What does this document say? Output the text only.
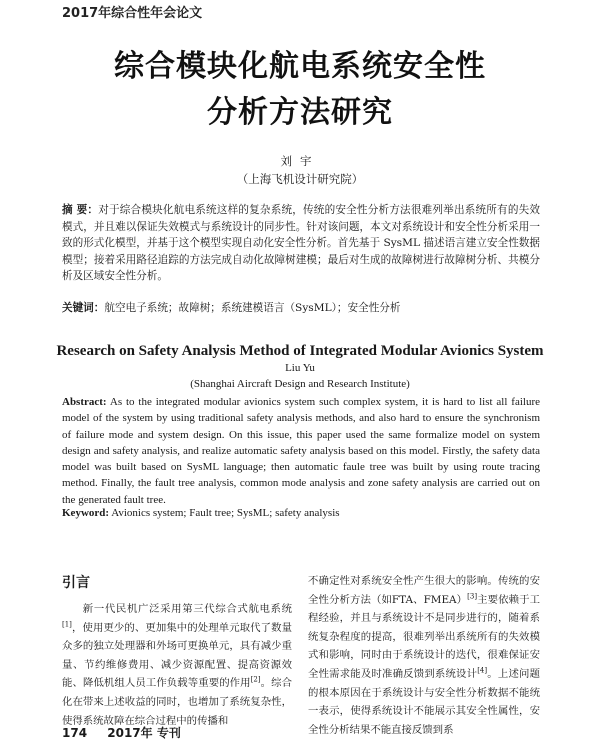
2017年综合性年会论文
综合模块化航电系统安全性
分析方法研究
刘宇
（上海飞机设计研究院）
摘 要：对于综合模块化航电系统这样的复杂系统，传统的安全性分析方法很难列举出系统所有的失效模式，并且难以保证失效模式与系统设计的同步性。针对该问题，本文对系统设计和安全性分析采用一致的形式化模型，并基于这个模型实现自动化安全性分析。首先基于 SysML 描述语言建立安全性数据模型；接着采用路径追踪的方法完成自动化故障树建模；最后对生成的故障树进行故障树分析、共模分析及区域安全性分析。
关键词：航空电子系统；故障树；系统建模语言（SysML）；安全性分析
Research on Safety Analysis Method of Integrated Modular Avionics System
Liu Yu
(Shanghai Aircraft Design and Research Institute)
Abstract: As to the integrated modular avionics system such complex system, it is hard to list all failure model of the system by using traditional safety analysis methods, and also hard to ensure the synchronism of failure mode and system design. On this issue, this paper used the same formalize model on system design and safety analysis, and realize automatic safety analysis based on this model. Firstly, the safety data model was built based on SysML language; then automatic faule tree was built by using route tracing method. Finally, the fault tree analysis, common mode analysis and zone safety analysis are carried out on the generated fault tree.
Keyword: Avionics system; Fault tree; SysML; safety analysis
引言
新一代民机广泛采用第三代综合式航电系统[1]，使用更少的、更加集中的处理单元取代了数量众多的独立处理器和外场可更换单元，具有减少重量、节约维修费用、减少资源配置、提高资源效能、降低机组人员工作负载等重要的作用[2]。综合化在带来上述收益的同时，也增加了系统复杂性，使得系统故障在综合过程中的传播和
不确定性对系统安全性产生很大的影响。传统的安全性分析方法（如FTA、FMEA）[3]主要依赖于工程经验，并且与系统设计不是同步进行的，随着系统复杂程度的提高，很难列举出系统所有的失效模式和影响，同时由于系统设计的迭代，很难保证安全性需求能及时准确反馈到系统设计[4]。上述问题的根本原因在于系统设计与安全性分析数据不能统一表示，使得系统设计不能展示其安全性属性，安全性分析结果不能直接反馈到系
174 2017年 专刊
